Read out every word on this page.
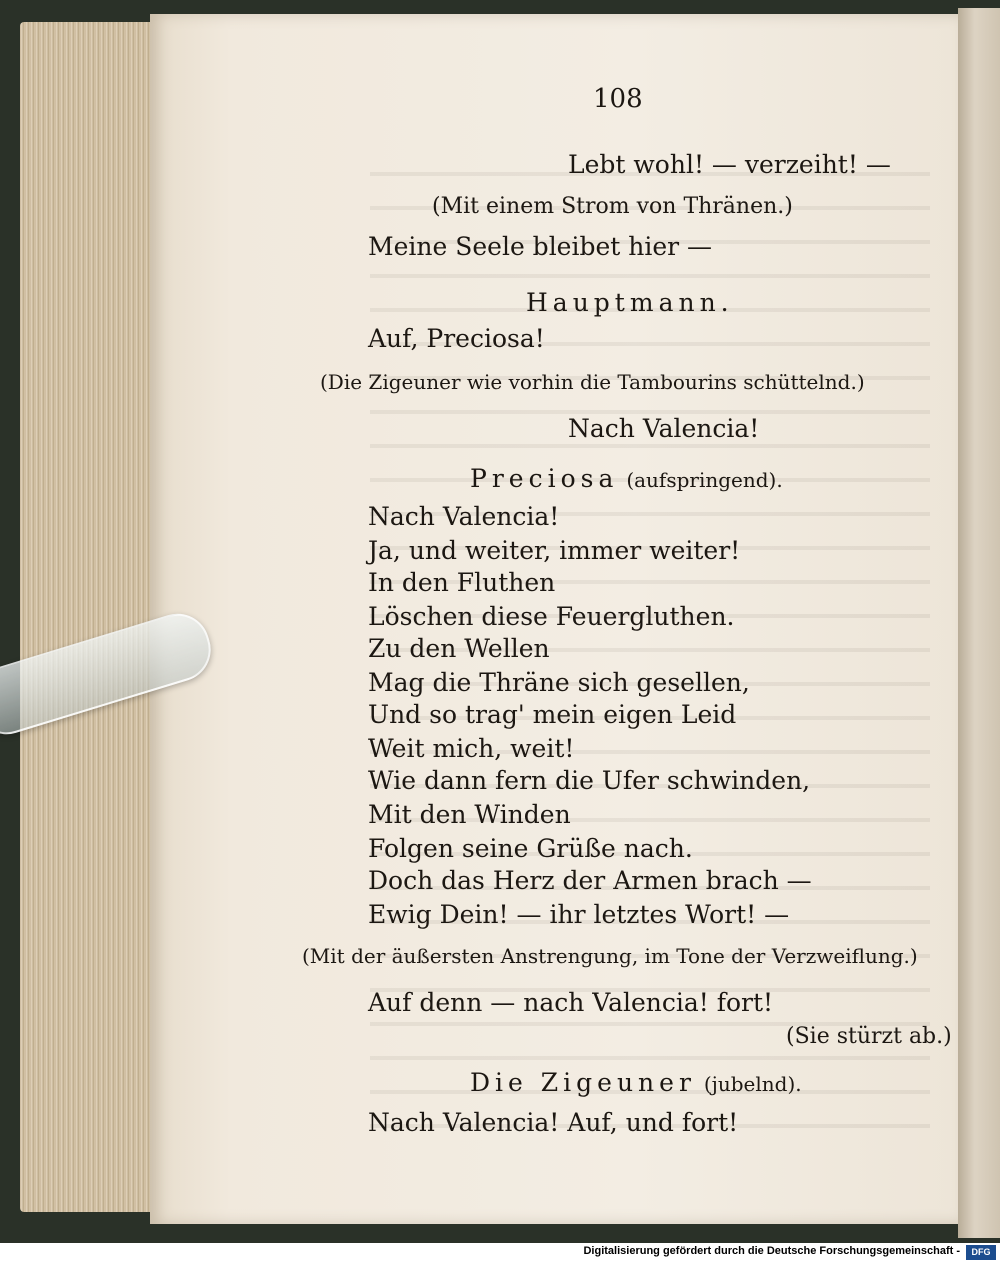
108
Lebt wohl! — verzeiht! —
(Mit einem Strom von Thränen.)
Meine Seele bleibet hier —
Hauptmann.
Auf, Preciosa!
(Die Zigeuner wie vorhin die Tambourins schüttelnd.)
Nach Valencia!
Preciosa (aufspringend).
Nach Valencia!
Ja, und weiter, immer weiter!
In den Fluthen
Löschen diese Feuergluthen.
Zu den Wellen
Mag die Thräne sich gesellen,
Und so trag' mein eigen Leid
Weit mich, weit!
Wie dann fern die Ufer schwinden,
Mit den Winden
Folgen seine Grüße nach.
Doch das Herz der Armen brach —
Ewig Dein! — ihr letztes Wort! —
(Mit der äußersten Anstrengung, im Tone der Verzweiflung.)
Auf denn — nach Valencia! fort!
(Sie stürzt ab.)
Die Zigeuner (jubelnd).
Nach Valencia! Auf, und fort!
Digitalisierung gefördert durch die Deutsche Forschungsgemeinschaft -	DFG
